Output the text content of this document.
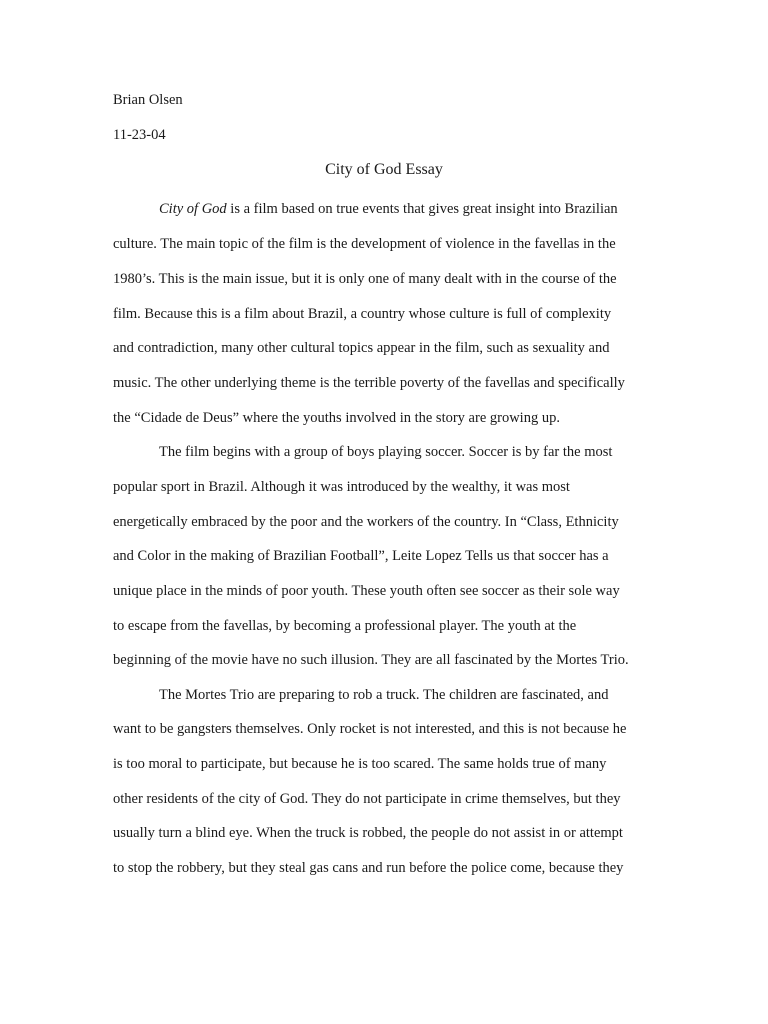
Brian Olsen
11-23-04
City of God Essay
City of God is a film based on true events that gives great insight into Brazilian
culture. The main topic of the film is the development of violence in the favellas in the
1980’s. This is the main issue, but it is only one of many dealt with in the course of the
film. Because this is a film about Brazil, a country whose culture is full of complexity
and contradiction, many other cultural topics appear in the film, such as sexuality and
music. The other underlying theme is the terrible poverty of the favellas and specifically
the “Cidade de Deus” where the youths involved in the story are growing up.
The film begins with a group of boys playing soccer. Soccer is by far the most
popular sport in Brazil. Although it was introduced by the wealthy, it was most
energetically embraced by the poor and the workers of the country. In “Class, Ethnicity
and Color in the making of Brazilian Football”, Leite Lopez Tells us that soccer has a
unique place in the minds of poor youth. These youth often see soccer as their sole way
to escape from the favellas, by becoming a professional player. The youth at the
beginning of the movie have no such illusion. They are all fascinated by the Mortes Trio.
The Mortes Trio are preparing to rob a truck. The children are fascinated, and
want to be gangsters themselves. Only rocket is not interested, and this is not because he
is too moral to participate, but because he is too scared. The same holds true of many
other residents of the city of God. They do not participate in crime themselves, but they
usually turn a blind eye. When the truck is robbed, the people do not assist in or attempt
to stop the robbery, but they steal gas cans and run before the police come, because they
